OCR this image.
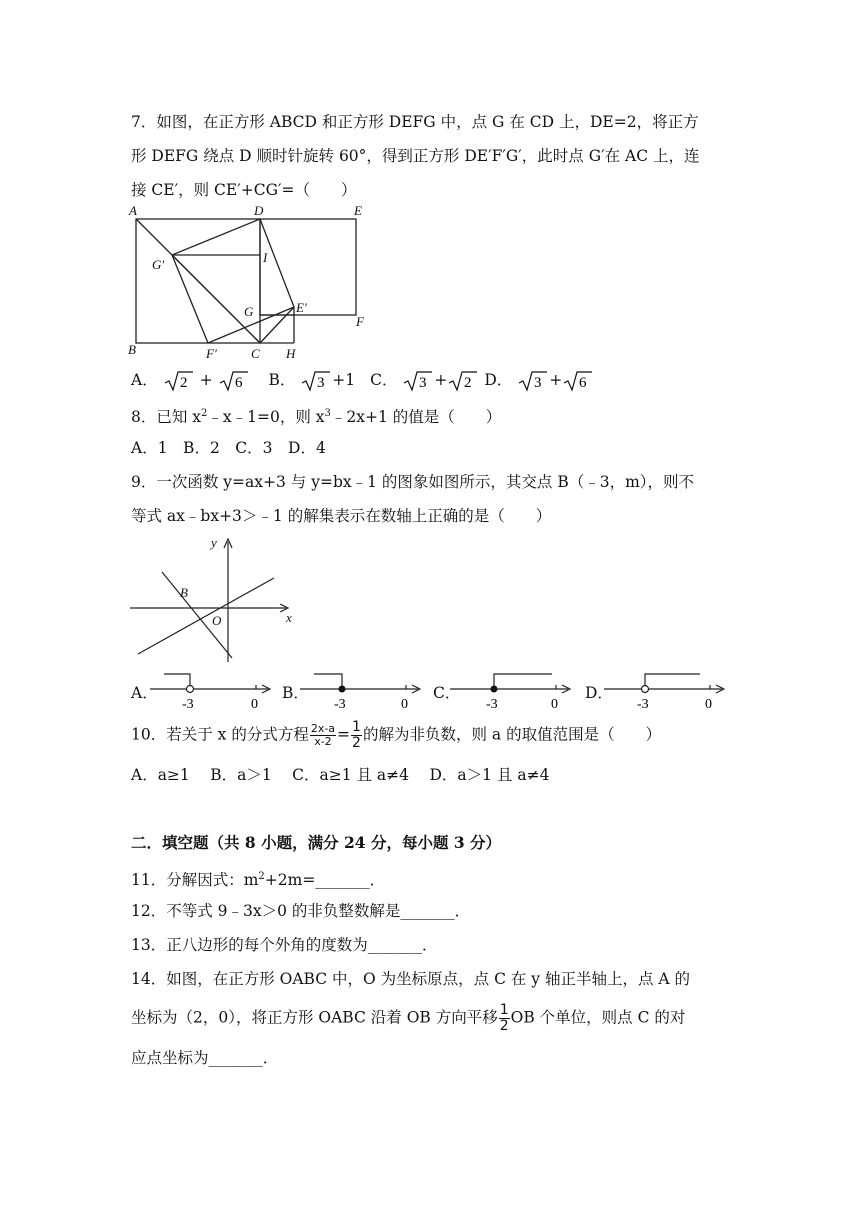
7．如图，在正方形 ABCD 和正方形 DEFG 中，点 G 在 CD 上，DE=2，将正方
形 DEFG 绕点 D 顺时针旋转 60°，得到正方形 DE′F′G′，此时点 G′在 AC 上，连
接 CE′，则 CE′+CG′=（　　）
A	D	E
G′	I
G	E′
F
B	F′	C H
A． 2 + 6 B． 3 +1 C． 3 + 2 D． 3 + 6
8．已知 $x^2﹣x﹣1=0$，则 $x^3﹣2x+1$ 的值是（　　）
A．1　B．2　C．3　D．4
9．一次函数 y=ax+3 与 y=bx﹣1 的图象如图所示，其交点 B（﹣3，m），则不
等式 ax﹣bx+3＞﹣1 的解集表示在数轴上正确的是（　　）
y
x
B
O
A．
-3	0
B．
-3	0
C．
-3	0
D．
-3	0
10．若关于 x 的分式方程 $\frac{2x-a}{x-2} = \frac{1}{2}$ 的解为非负数，则 a 的取值范围是（　　）
A．a≥1　 B．a＞1　 C．a≥1 且 a≠4　 D．a＞1 且 a≠4
二．填空题（共 8 小题，满分 24 分，每小题 3 分）
11．分解因式：$m^2+2m=\_\_\_\_\_\_\_$．
12．不等式 9﹣3x＞0 的非负整数解是_______．
13．正八边形的每个外角的度数为_______．
14．如图，在正方形 OABC 中，O 为坐标原点，点 C 在 y 轴正半轴上，点 A 的
坐标为（2，0），将正方形 OABC 沿着 OB 方向平移 $\frac{1}{2}$ OB 个单位，则点 C 的对
应点坐标为_______．
